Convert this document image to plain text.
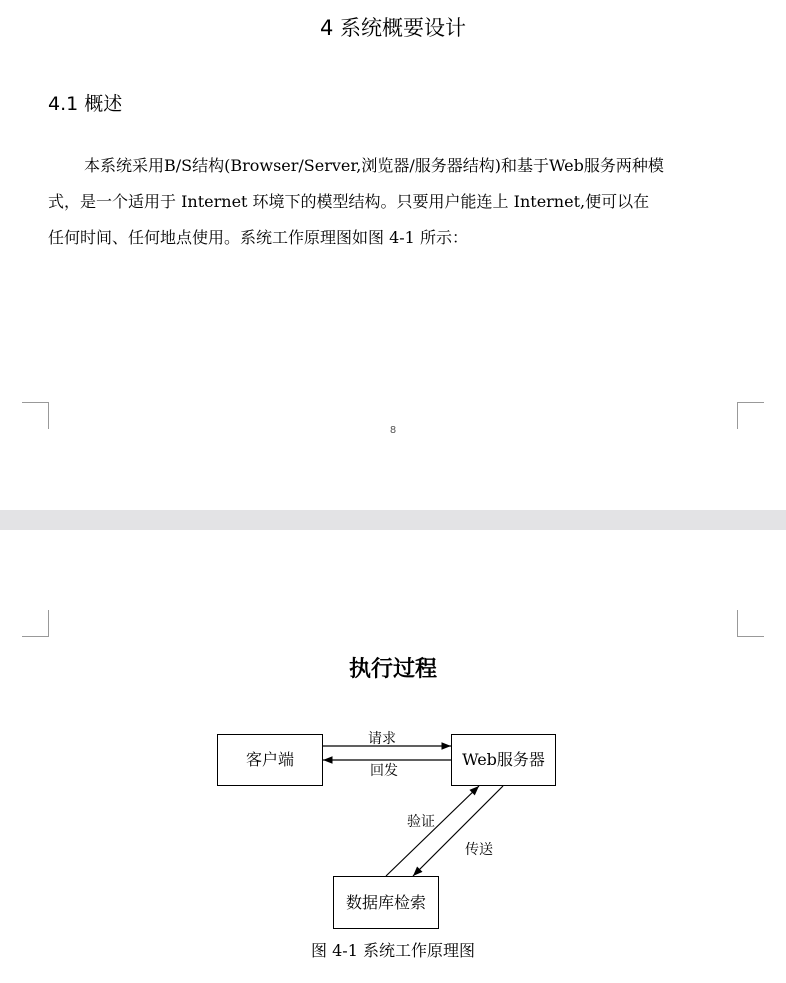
4 系统概要设计
4.1 概述

本系统采用B/S结构(Browser/Server,浏览器/服务器结构)和基于Web服务两种模
式，是一个适用于 Internet 环境下的模型结构。只要用户能连上 Internet,便可以在
任何时间、任何地点使用。系统工作原理图如图 4-1 所示：

8
执行过程
客户端	Web服务器
数据库检索
请求
回发
验证
传送
图 4-1 系统工作原理图
